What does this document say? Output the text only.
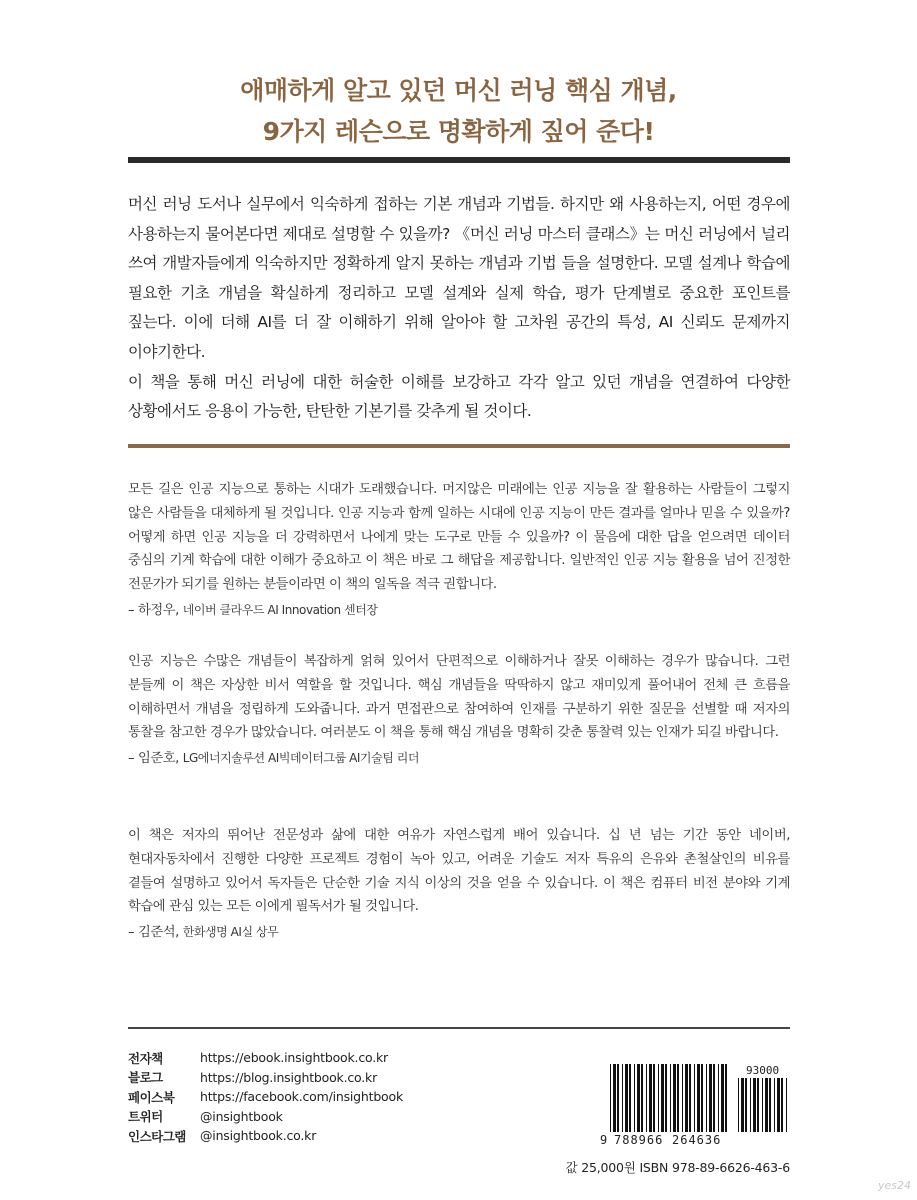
애매하게 알고 있던 머신 러닝 핵심 개념,
9가지 레슨으로 명확하게 짚어 준다!

머신 러닝 도서나 실무에서 익숙하게 접하는 기본 개념과 기법들. 하지만 왜 사용하는지, 어떤 경우에 사용하는지 물어본다면 제대로 설명할 수 있을까? 《머신 러닝 마스터 클래스》는 머신 러닝에서 널리 쓰여 개발자들에게 익숙하지만 정확하게 알지 못하는 개념과 기법 들을 설명한다. 모델 설계나 학습에 필요한 기초 개념을 확실하게 정리하고 모델 설계와 실제 학습, 평가 단계별로 중요한 포인트를 짚는다. 이에 더해 AI를 더 잘 이해하기 위해 알아야 할 고차원 공간의 특성, AI 신뢰도 문제까지 이야기한다.

이 책을 통해 머신 러닝에 대한 허술한 이해를 보강하고 각각 알고 있던 개념을 연결하여 다양한 상황에서도 응용이 가능한, 탄탄한 기본기를 갖추게 될 것이다.

모든 길은 인공 지능으로 통하는 시대가 도래했습니다. 머지않은 미래에는 인공 지능을 잘 활용하는 사람들이 그렇지 않은 사람들을 대체하게 될 것입니다. 인공 지능과 함께 일하는 시대에 인공 지능이 만든 결과를 얼마나 믿을 수 있을까? 어떻게 하면 인공 지능을 더 강력하면서 나에게 맞는 도구로 만들 수 있을까? 이 물음에 대한 답을 얻으려면 데이터 중심의 기계 학습에 대한 이해가 중요하고 이 책은 바로 그 해답을 제공합니다. 일반적인 인공 지능 활용을 넘어 진정한 전문가가 되기를 원하는 분들이라면 이 책의 일독을 적극 권합니다.

– 하정우, 네이버 클라우드 AI Innovation 센터장

인공 지능은 수많은 개념들이 복잡하게 얽혀 있어서 단편적으로 이해하거나 잘못 이해하는 경우가 많습니다. 그런 분들께 이 책은 자상한 비서 역할을 할 것입니다. 핵심 개념들을 딱딱하지 않고 재미있게 풀어내어 전체 큰 흐름을 이해하면서 개념을 정립하게 도와줍니다. 과거 면접관으로 참여하여 인재를 구분하기 위한 질문을 선별할 때 저자의 통찰을 참고한 경우가 많았습니다. 여러분도 이 책을 통해 핵심 개념을 명확히 갖춘 통찰력 있는 인재가 되길 바랍니다.

– 임준호, LG에너지솔루션 AI빅데이터그룹 AI기술팀 리더

이 책은 저자의 뛰어난 전문성과 삶에 대한 여유가 자연스럽게 배어 있습니다. 십 년 넘는 기간 동안 네이버, 현대자동차에서 진행한 다양한 프로젝트 경험이 녹아 있고, 어려운 기술도 저자 특유의 은유와 촌철살인의 비유를 곁들여 설명하고 있어서 독자들은 단순한 기술 지식 이상의 것을 얻을 수 있습니다. 이 책은 컴퓨터 비전 분야와 기계 학습에 관심 있는 모든 이에게 필독서가 될 것입니다.

– 김준석, 한화생명 AI실 상무
전자책	https://ebook.insightbook.co.kr
블로그	https://blog.insightbook.co.kr
페이스북	https://facebook.com/insightbook
트위터	@insightbook
인스타그램	@insightbook.co.kr	9 788966 264636
93000
값 25,000원 ISBN 978-89-6626-463-6
yes24
